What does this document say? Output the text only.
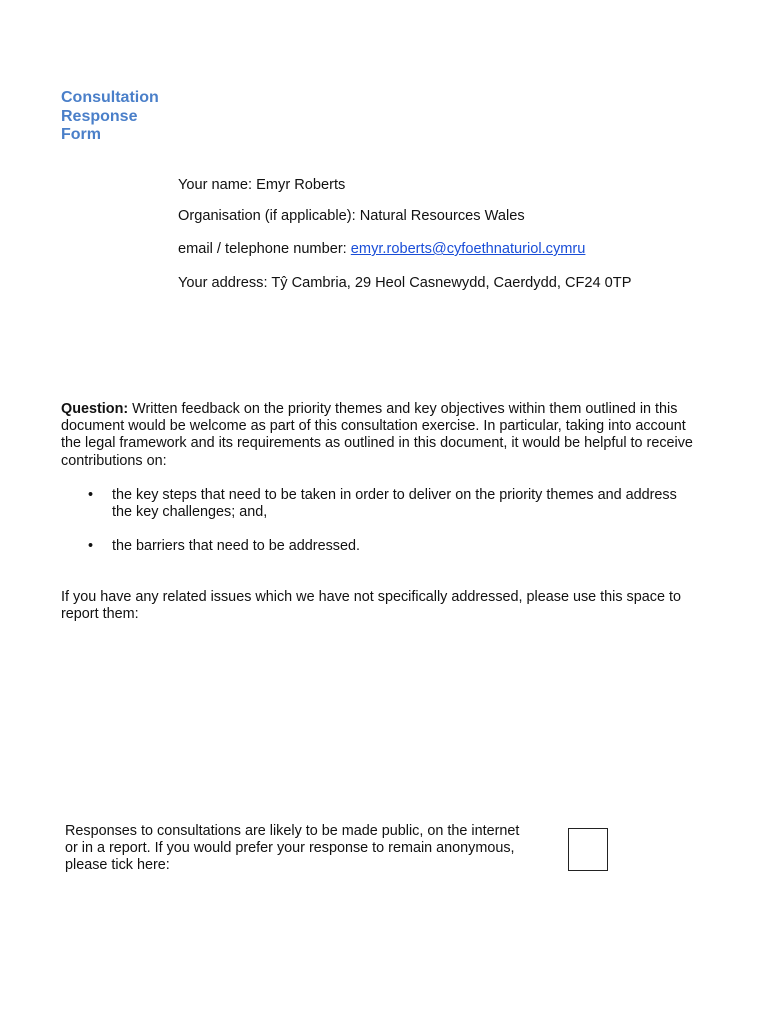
Consultation
Response
Form
Your name: Emyr Roberts
Organisation (if applicable): Natural Resources Wales
email / telephone number: emyr.roberts@cyfoethnaturiol.cymru
Your address: Tŷ Cambria, 29 Heol Casnewydd, Caerdydd, CF24 0TP
Question: Written feedback on the priority themes and key objectives within them outlined in this document would be welcome as part of this consultation exercise. In particular, taking into account the legal framework and its requirements as outlined in this document, it would be helpful to receive contributions on:
• the key steps that need to be taken in order to deliver on the priority themes and address the key challenges; and,
• the barriers that need to be addressed.
If you have any related issues which we have not specifically addressed, please use this space to report them:
Responses to consultations are likely to be made public, on the internet or in a report. If you would prefer your response to remain anonymous, please tick here:
